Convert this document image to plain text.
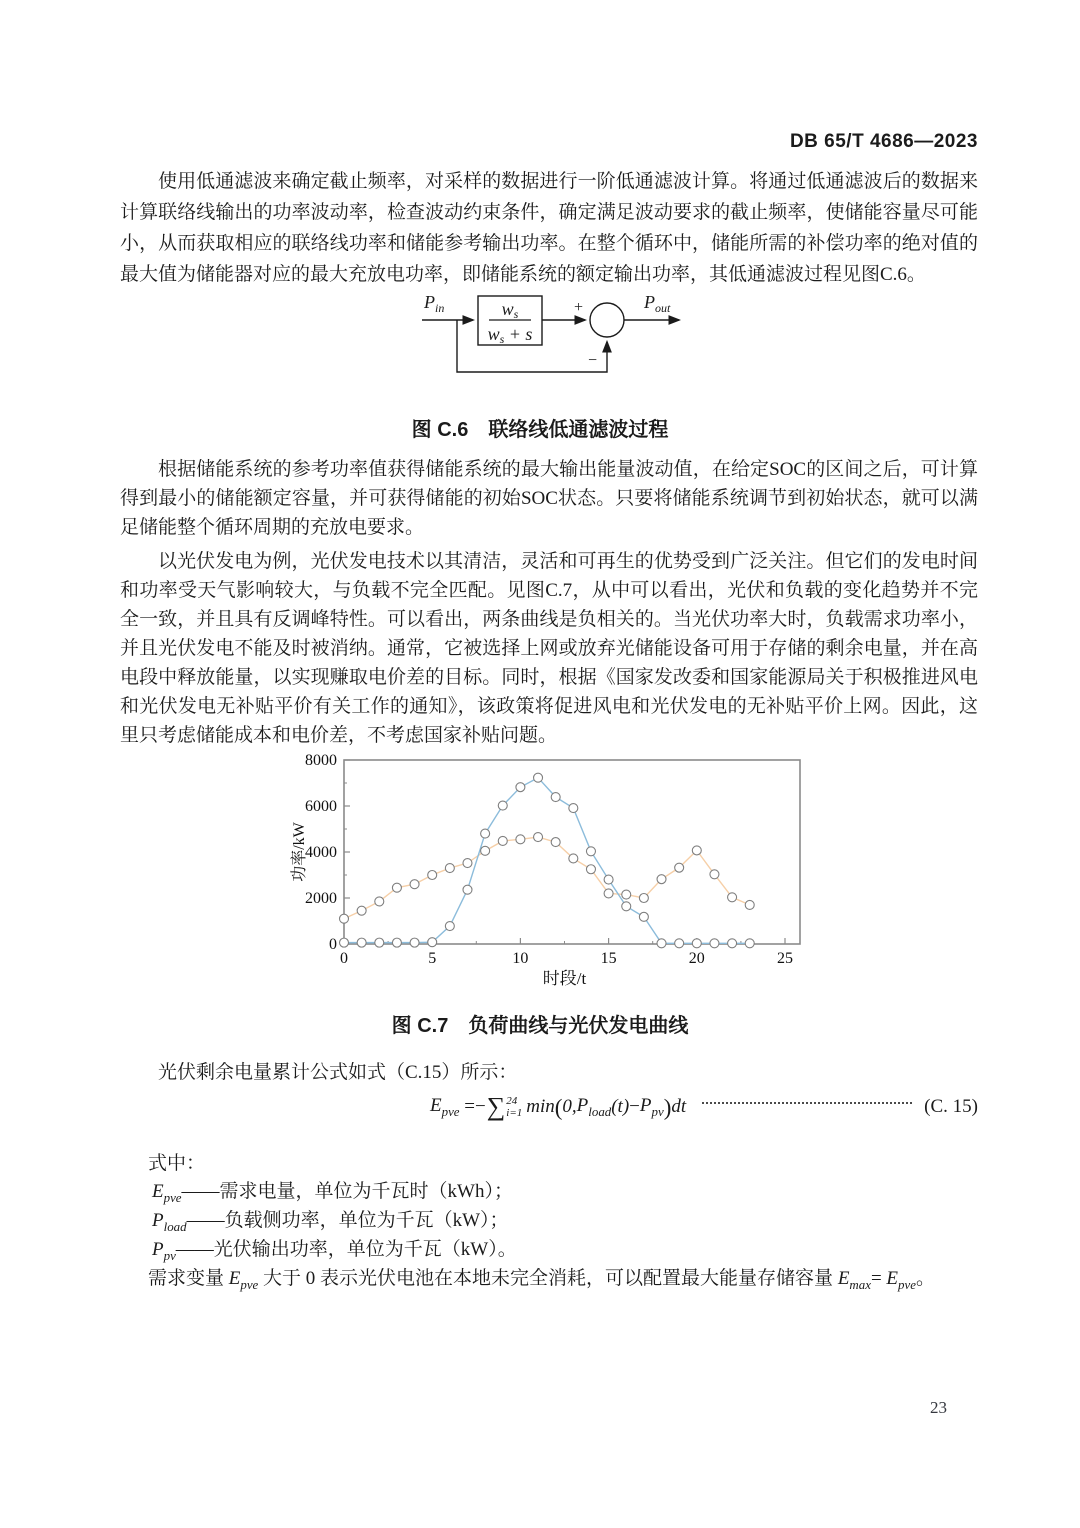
DB 65/T 4686—2023

使用低通滤波来确定截止频率，对采样的数据进行一阶低通滤波计算。将通过低通滤波后的数据来计算联络线输出的功率波动率，检查波动约束条件，确定满足波动要求的截止频率，使储能容量尽可能小，从而获取相应的联络线功率和储能参考输出功率。在整个循环中，储能所需的补偿功率的绝对值的最大值为储能器对应的最大充放电功率，即储能系统的额定输出功率，其低通滤波过程见图C.6。

$P_{in}$	ws
ws + s
+	$P_{out}$
−
图 C.6　联络线低通滤波过程

根据储能系统的参考功率值获得储能系统的最大输出能量波动值，在给定SOC的区间之后，可计算得到最小的储能额定容量，并可获得储能的初始SOC状态。只要将储能系统调节到初始状态，就可以满足储能整个循环周期的充放电要求。

以光伏发电为例，光伏发电技术以其清洁，灵活和可再生的优势受到广泛关注。但它们的发电时间和功率受天气影响较大，与负载不完全匹配。见图C.7，从中可以看出，光伏和负载的变化趋势并不完全一致，并且具有反调峰特性。可以看出，两条曲线是负相关的。当光伏功率大时，负载需求功率小，并且光伏发电不能及时被消纳。通常，它被选择上网或放弃光储能设备可用于存储的剩余电量，并在高电段中释放能量，以实现赚取电价差的目标。同时，根据《国家发改委和国家能源局关于积极推进风电和光伏发电无补贴平价有关工作的通知》，该政策将促进风电和光伏发电的无补贴平价上网。因此，这里只考虑储能成本和电价差，不考虑国家补贴问题。

0	5	10	15	20	25
0
2000
4000
6000
8000
时段/t
功率/kW
图 C.7　负荷曲线与光伏发电曲线

光伏剩余电量累计公式如式（C.15）所示：

$E_{pve}$
= − ∑ 24
i=1 min ( 0, $P_{load}$ $(t) - P_{pv}$ ) dt	(C. 15)
式中：
$E_{pve}——$需求电量，单位为千瓦时（kWh）；
$P_{load}——$负载侧功率，单位为千瓦（kW）；
$P_{pv}——$光伏输出功率，单位为千瓦（kW）。

需求变量 $E_{pve}$ 大于 0 表示光伏电池在本地未完全消耗，可以配置最大能量存储容量 $E_{max}= E_{pve}$。

23
